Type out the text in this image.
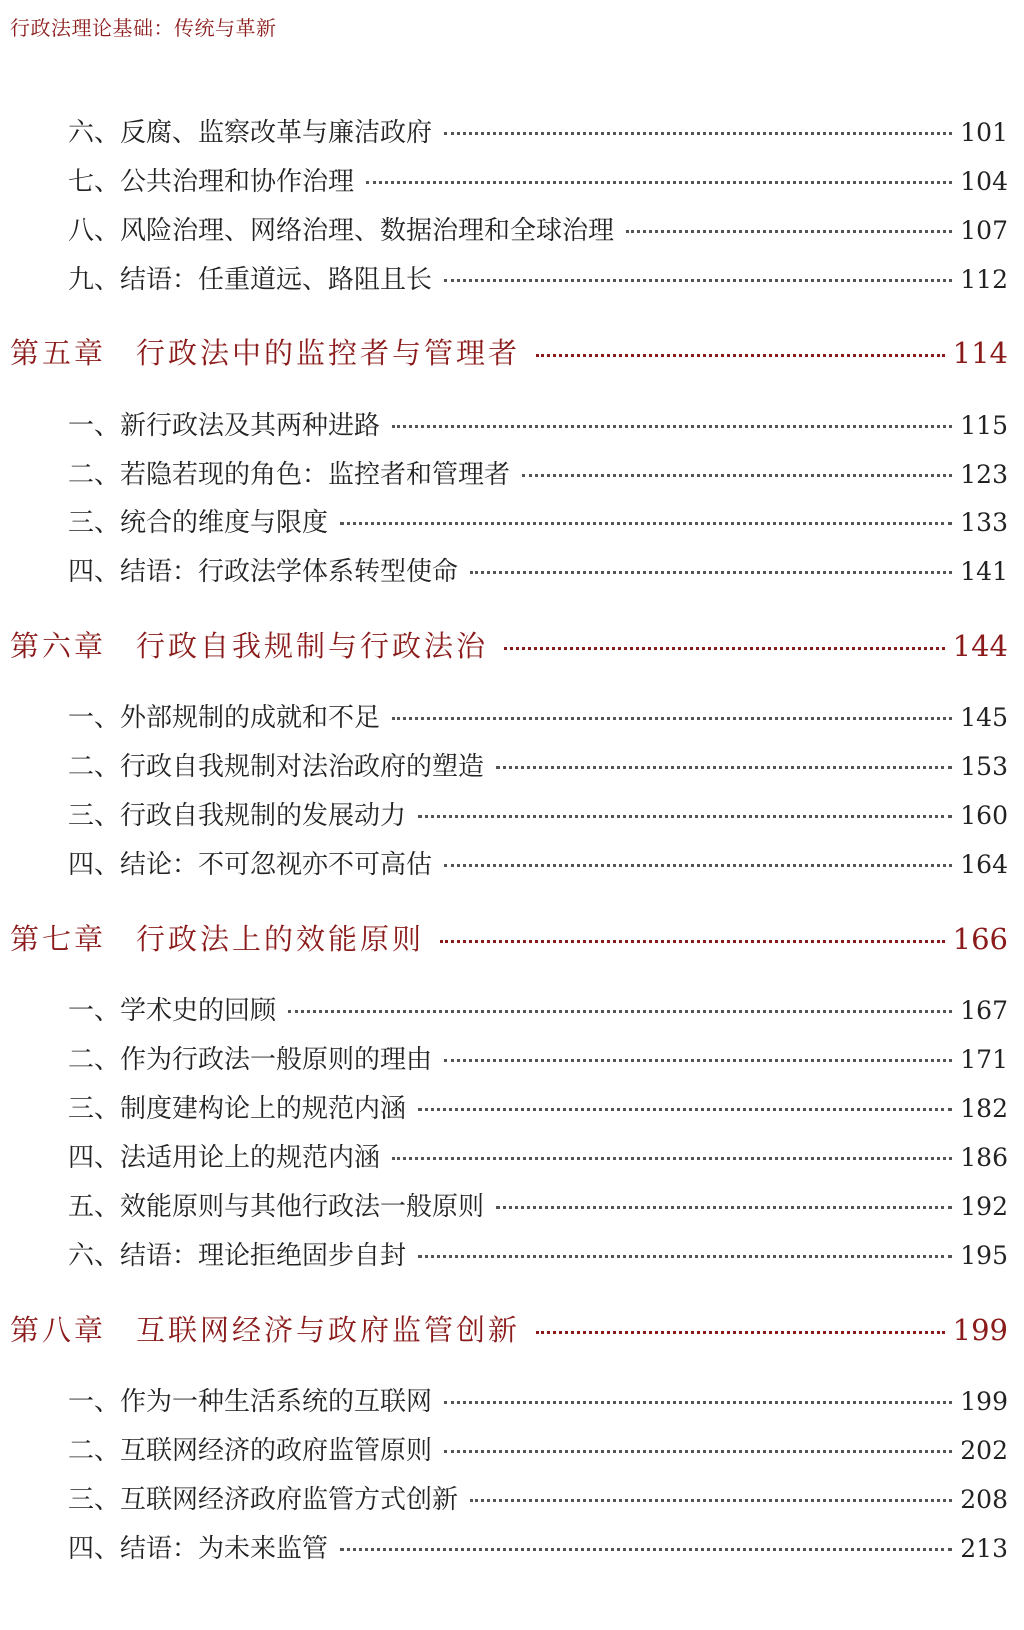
行政法理论基础：传统与革新
六、 反腐、监察改革与廉洁政府	101
七、 公共治理和协作治理	104
八、 风险治理、网络治理、数据治理和全球治理	107
九、 结语：任重道远、路阻且长	112
第五章 行政法中的监控者与管理者	114
一、 新行政法及其两种进路	115
二、 若隐若现的角色：监控者和管理者	123
三、 统合的维度与限度	133
四、 结语：行政法学体系转型使命	141
第六章 行政自我规制与行政法治	144
一、 外部规制的成就和不足	145
二、 行政自我规制对法治政府的塑造	153
三、 行政自我规制的发展动力	160
四、 结论：不可忽视亦不可高估	164
第七章 行政法上的效能原则	166
一、 学术史的回顾	167
二、 作为行政法一般原则的理由	171
三、 制度建构论上的规范内涵	182
四、 法适用论上的规范内涵	186
五、 效能原则与其他行政法一般原则	192
六、 结语：理论拒绝固步自封	195
第八章 互联网经济与政府监管创新	199
一、 作为一种生活系统的互联网	199
二、 互联网经济的政府监管原则	202
三、 互联网经济政府监管方式创新	208
四、 结语：为未来监管	213
